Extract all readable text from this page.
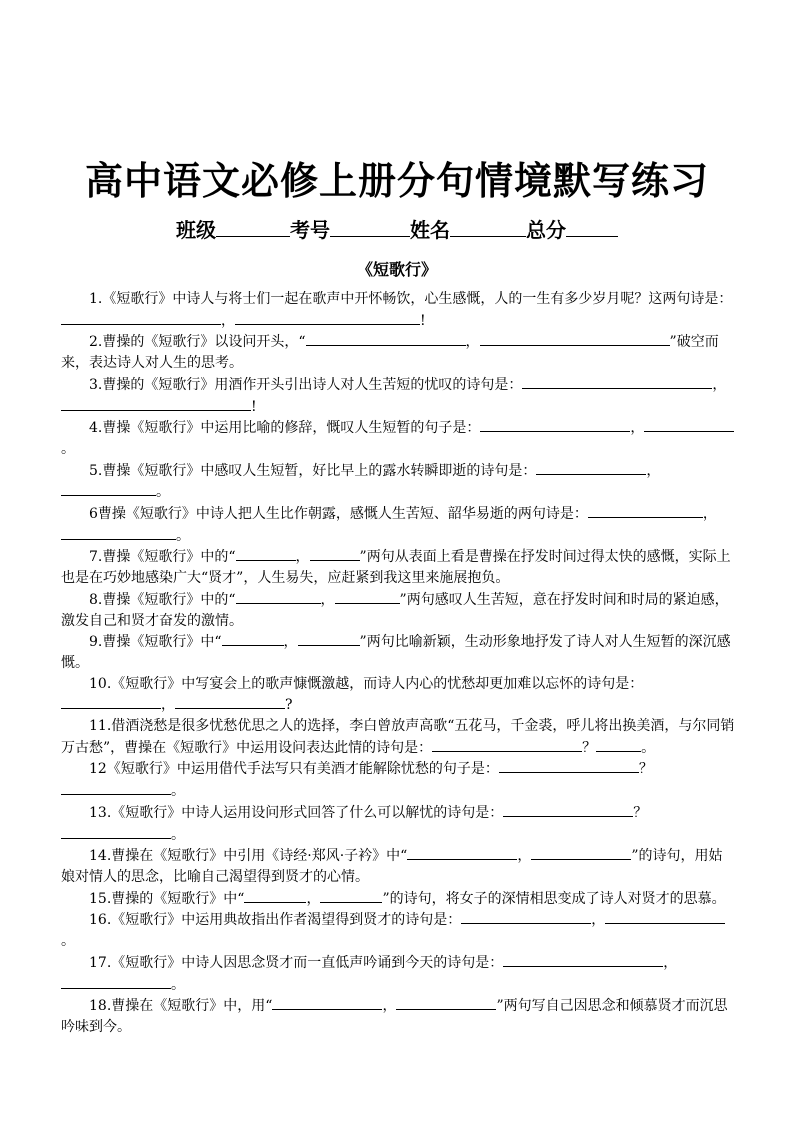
高中语文必修上册分句情境默写练习
班级	考号	姓名	总分
《短歌行》

1.《短歌行》中诗人与将士们一起在歌声中开怀畅饮，心生感慨，人的一生有多少岁月呢？这两句诗是：，	!

2.曹操的《短歌行》以设问开头，“	，	”破空而来，表达诗人对人生的思考。

3.曹操的《短歌行》用酒作开头引出诗人对人生苦短的忧叹的诗句是：	，!

4.曹操《短歌行》中运用比喻的修辞，慨叹人生短暂的句子是：	，。

5.曹操《短歌行》中感叹人生短暂，好比早上的露水转瞬即逝的诗句是：	，。

6曹操《短歌行》中诗人把人生比作朝露，感慨人生苦短、韶华易逝的两句诗是：	，。

7.曹操《短歌行》中的“	，	”两句从表面上看是曹操在抒发时间过得太快的感慨，实际上也是在巧妙地感染广大“贤才”，人生易失，应赶紧到我这里来施展抱负。

8.曹操《短歌行》中的“	，	”两句感叹人生苦短，意在抒发时间和时局的紧迫感，激发自己和贤才奋发的激情。

9.曹操《短歌行》中“	，	”两句比喻新颖，生动形象地抒发了诗人对人生短暂的深沉感慨。

10.《短歌行》中写宴会上的歌声慷慨激越，而诗人内心的忧愁却更加难以忘怀的诗句是：，	?

11.借酒浇愁是很多忧愁优思之人的选择，李白曾放声高歌“五花马，千金裘，呼儿将出换美酒，与尔同销万古愁”，曹操在《短歌行》中运用设问表达此情的诗句是：	？	。

12《短歌行》中运用借代手法写只有美酒才能解除忧愁的句子是：	？。

13.《短歌行》中诗人运用设问形式回答了什么可以解忧的诗句是：	？。

14.曹操在《短歌行》中引用《诗经·郑风·子衿》中“	，	”的诗句，用姑娘对情人的思念，比喻自己渴望得到贤才的心情。

15.曹操的《短歌行》中“	，	”的诗句，将女子的深情相思变成了诗人对贤才的思慕。

16.《短歌行》中运用典故指出作者渴望得到贤才的诗句是：	，。

17.《短歌行》中诗人因思念贤才而一直低声吟诵到今天的诗句是：	，。

18.曹操在《短歌行》中，用“	，	”两句写自己因思念和倾慕贤才而沉思吟味到今。
